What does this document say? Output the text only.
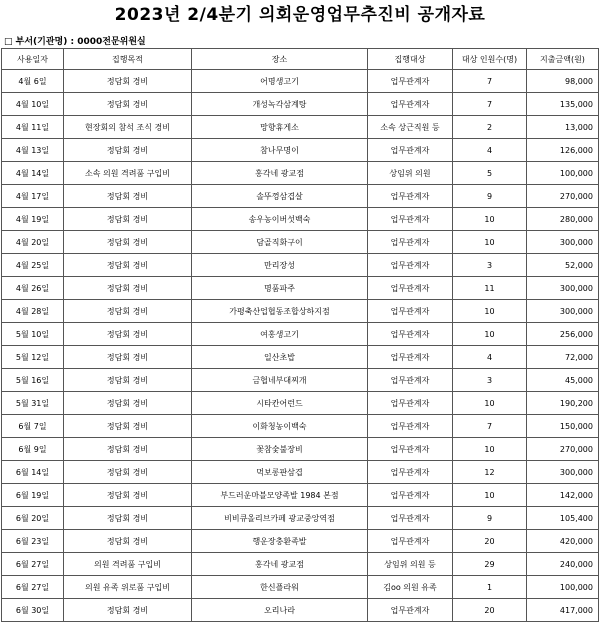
2023년 2/4분기 의회운영업무추진비 공개자료
□ 부서(기관명) : 0000전문위원실
사용일자	집행목적	장소	집행대상	대상 인원수(명)	지출금액(원)
4월 6일	정담회 경비	어명생고기	업무관계자	7	98,000
4월 10일	정담회 경비	개성녹각삼계탕	업무관계자	7	135,000
4월 11일	현장회의 참석 조식 경비	망향휴게소	소속 상근직원 등	2	13,000
4월 13일	정담회 경비	참나무명이	업무관계자	4	126,000
4월 14일	소속 의원 격려품 구입비	홍각네 광교점	상임위 의원	5	100,000
4월 17일	정담회 경비	솔뚜껑삼겹살	업무관계자	9	270,000
4월 19일	정담회 경비	송우농이버섯백숙	업무관계자	10	280,000
4월 20일	정담회 경비	담골직화구이	업무관계자	10	300,000
4월 25일	정담회 경비	만리장성	업무관계자	3	52,000
4월 26일	정담회 경비	명품파주	업무관계자	11	300,000
4월 28일	정담회 경비	가평축산업협동조합상하지점	업무관계자	10	300,000
5월 10일	정담회 경비	여홍생고기	업무관계자	10	256,000
5월 12일	정담회 경비	일산초밥	업무관계자	4	72,000
5월 16일	정담회 경비	금협네부대찌개	업무관계자	3	45,000
5월 31일	정담회 경비	시타칸어런드	업무관계자	10	190,200
6월 7일	정담회 경비	이화청농이백숙	업무관계자	7	150,000
6월 9일	정담회 경비	꽃참숯불장비	업무관계자	10	270,000
6월 14일	정담회 경비	먹보롱판삼겹	업무관계자	12	300,000
6월 19일	정담회 경비	부드러운마블모양족발 1984 본점	업무관계자	10	142,000
6월 20일	정담회 경비	비비큐올리브카페 광교중앙역점	업무관계자	9	105,400
6월 23일	정담회 경비	행운장충환족발	업무관계자	20	420,000
6월 27일	의원 격려품 구입비	홍각네 광교점	상임위 의원 등	29	240,000
6월 27일	의원 유족 위로품 구입비	한신플라워	김oo 의원 유족	1	100,000
6월 30일	정담회 경비	오리나라	업무관계자	20	417,000
